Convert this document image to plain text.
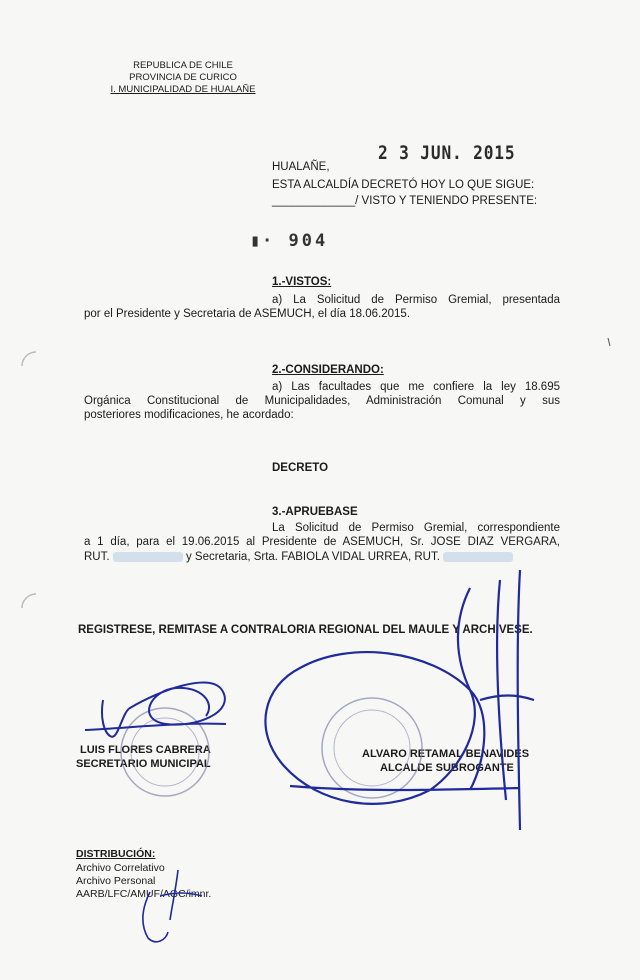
REPUBLICA DE CHILE
PROVINCIA DE CURICO
I. MUNICIPALIDAD DE HUALAÑE
2 3 JUN. 2015
HUALAÑE,
ESTA ALCALDÍA DECRETÓ HOY LO QUE SIGUE:
_____________/ VISTO Y TENIENDO PRESENTE:
▮
· 904
1.-VISTOS:
a) La Solicitud de Permiso Gremial, presentada
por el Presidente y Secretaria de ASEMUCH, el día 18.06.2015.
2.-CONSIDERANDO:
a) Las facultades que me confiere la ley 18.695
Orgánica Constitucional de Municipalidades, Administración Comunal y sus
posteriores modificaciones, he acordado:
DECRETO
3.-APRUEBASE
La Solicitud de Permiso Gremial, correspondiente
a 1 día, para el 19.06.2015 al Presidente de ASEMUCH, Sr. JOSE DIAZ VERGARA,
RUT.	y Secretaria, Srta. FABIOLA VIDAL URREA, RUT.
REGISTRESE, REMITASE A CONTRALORIA REGIONAL DEL MAULE Y ARCHIVESE.
LUIS FLORES CABRERA
SECRETARIO MUNICIPAL
ALVARO RETAMAL BENAVIDES
ALCALDE SUBROGANTE
DISTRIBUCIÓN:
Archivo Correlativo
Archivo Personal
AARB/LFC/AMUF/AGC/imnr.
